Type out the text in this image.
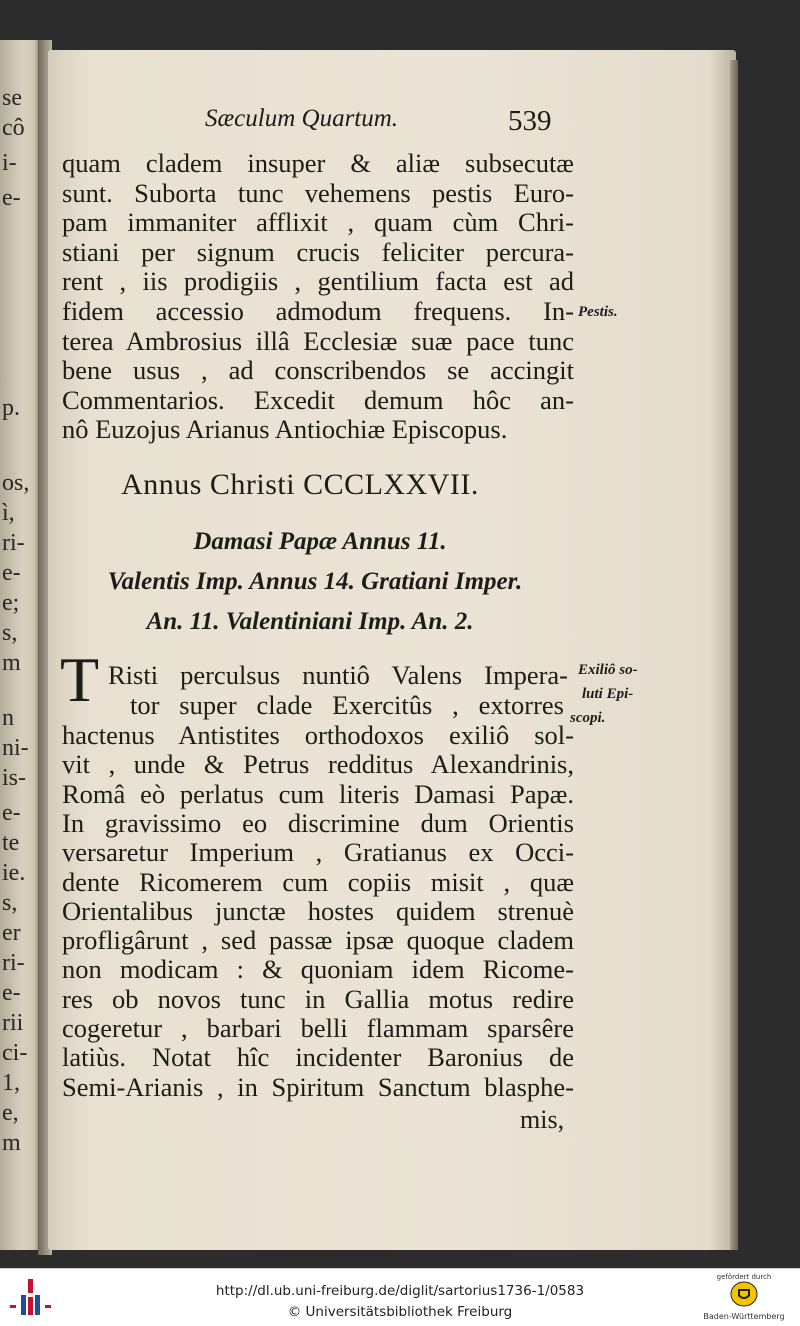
se
cô
i-
e-
p.
os,
ì,
ri-
e-
e;
s,
m
n
ni-
is-
e-
te
ie.
s,
er
ri-
e-
rii
ci-
1,
e,
m
Sæculum Quartum.	539
Pestis.
Annus Christi CCCLXXVII.
Damasi Papæ Annus 11.
Valentis Imp. Annus 14. Gratiani Imper.
An. 11. Valentiniani Imp. An. 2.
T Risti perculsus nuntiô Valens Impera-
tor super clade Exercitûs , extorres
Exiliô so-
luti Epi-
scopi.
mis,
quam cladem insuper & aliæ subsecutæ
sunt. Suborta tunc vehemens pestis Euro-
pam immaniter afflixit , quam cùm Chri-
stiani per signum crucis feliciter percura-
rent , iis prodigiis , gentilium facta est ad
fidem accessio admodum frequens. In-
terea Ambrosius illâ Ecclesiæ suæ pace tunc
bene usus , ad conscribendos se accingit
Commentarios. Excedit demum hôc an-
nô Euzojus Arianus Antiochiæ Episcopus.
hactenus Antistites orthodoxos exiliô sol-
vit , unde & Petrus redditus Alexandrinis,
Româ eò perlatus cum literis Damasi Papæ.
In gravissimo eo discrimine dum Orientis
versaretur Imperium , Gratianus ex Occi-
dente Ricomerem cum copiis misit , quæ
Orientalibus junctæ hostes quidem strenuè
profligârunt , sed passæ ipsæ quoque cladem
non modicam : & quoniam idem Ricome-
res ob novos tunc in Gallia motus redire
cogeretur , barbari belli flammam sparsêre
latiùs. Notat hîc incidenter Baronius de
Semi-Arianis , in Spiritum Sanctum blasphe-
http://dl.ub.uni-freiburg.de/diglit/sartorius1736-1/0583
© Universitätsbibliothek Freiburg
gefördert durch
Baden-Württemberg
